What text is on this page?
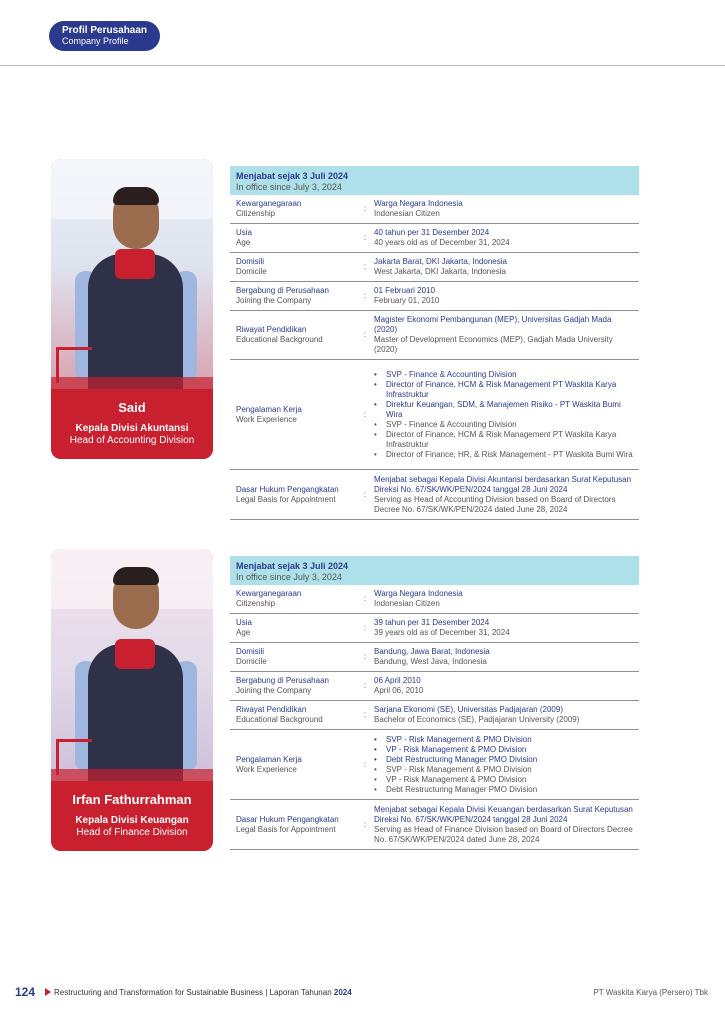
Profil Perusahaan
Company Profile
Said
Kepala Divisi Akuntansi
Head of Accounting Division
Menjabat sejak 3 Juli 2024
In office since July 3, 2024
Kewarganegaraan
Citizenship
:
Warga Negara Indonesia
Indonesian Citizen
Usia
Age
:
40 tahun per 31 Desember 2024
40 years old as of December 31, 2024
Domisili
Domicile
:
Jakarta Barat, DKI Jakarta, Indonesia
West Jakarta, DKI Jakarta, Indonesia
Bergabung di Perusahaan
Joining the Company
:
01 Februari 2010
February 01, 2010
Riwayat Pendidikan
Educational Background
:
Magister Ekonomi Pembangunan (MEP), Universitas Gadjah Mada (2020)
Master of Development Economics (MEP), Gadjah Mada University (2020)
Pengalaman Kerja
Work Experience
:
• SVP - Finance & Accounting Division
• Director of Finance, HCM & Risk Management PT Waskita Karya Infrastruktur
• Direktur Keuangan, SDM, & Manajemen Risiko - PT Waskita Bumi Wira
• SVP - Finance & Accounting Division
• Director of Finance, HCM & Risk Management PT Waskita Karya Infrastruktur
• Director of Finance, HR, & Risk Management - PT Waskita Bumi Wira
Dasar Hukum Pengangkatan
Legal Basis for Appointment
:
Menjabat sebagai Kepala Divisi Akuntansi berdasarkan Surat Keputusan Direksi No. 67/SK/WK/PEN/2024 tanggal 28 Juni 2024
Serving as Head of Accounting Division based on Board of Directors Decree No. 67/SK/WK/PEN/2024 dated June 28, 2024
Irfan Fathurrahman
Kepala Divisi Keuangan
Head of Finance Division
Menjabat sejak 3 Juli 2024
In office since July 3, 2024
Kewarganegaraan
Citizenship
:
Warga Negara Indonesia
Indonesian Citizen
Usia
Age
:
39 tahun per 31 Desember 2024
39 years old as of December 31, 2024
Domisili
Domicile
:
Bandung, Jawa Barat, Indonesia
Bandung, West Java, Indonesia
Bergabung di Perusahaan
Joining the Company
:
06 April 2010
April 06, 2010
Riwayat Pendidikan
Educational Background
:
Sarjana Ekonomi (SE), Universitas Padjajaran (2009)
Bachelor of Economics (SE), Padjajaran University (2009)
Pengalaman Kerja
Work Experience
:
• SVP - Risk Management & PMO Division
• VP - Risk Management & PMO Division
• Debt Restructuring Manager PMO Division
• SVP - Risk Management & PMO Division
• VP - Risk Management & PMO Division
• Debt Restructuring Manager PMO Division
Dasar Hukum Pengangkatan
Legal Basis for Appointment
:
Menjabat sebagai Kepala Divisi Keuangan berdasarkan Surat Keputusan Direksi No. 67/SK/WK/PEN/2024 tanggal 28 Juni 2024
Serving as Head of Finance Division based on Board of Directors Decree No. 67/SK/WK/PEN/2024 dated June 28, 2024
124 Restructuring and Transformation for Sustainable Business | Laporan Tahunan 2024	PT Waskita Karya (Persero) Tbk
